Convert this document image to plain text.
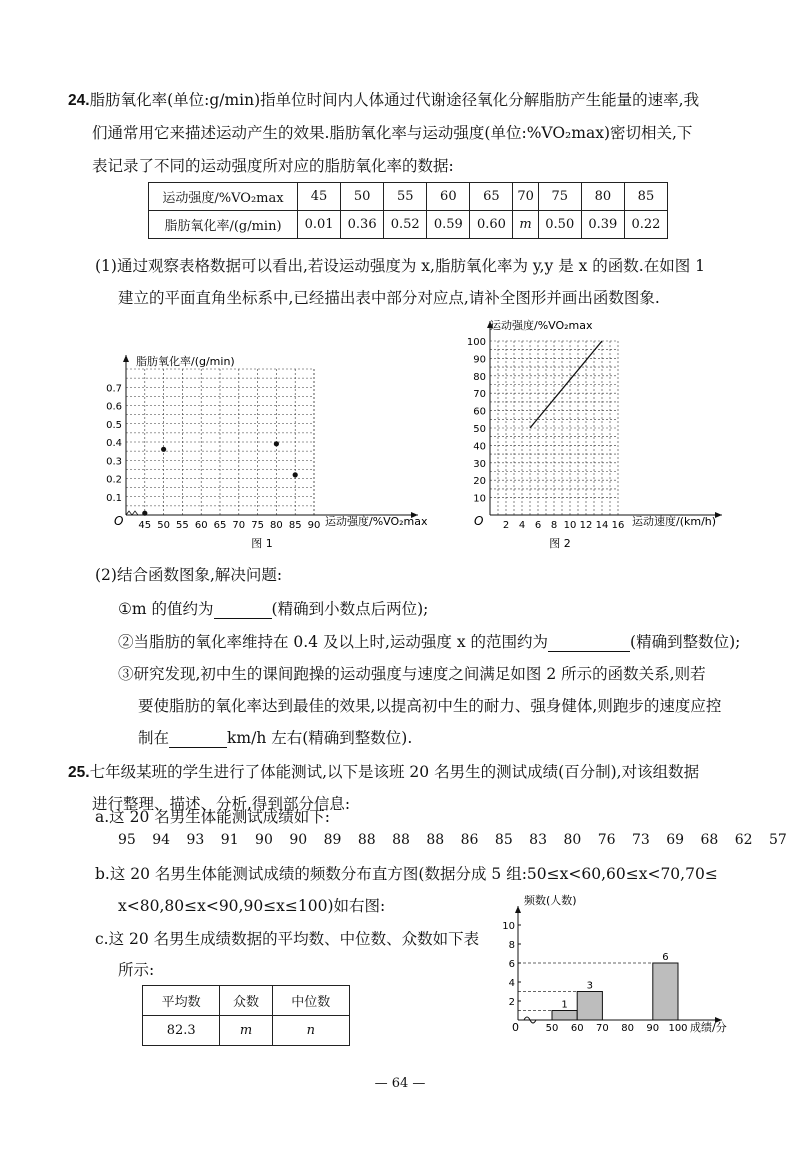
24.脂肪氧化率(单位:g/min)指单位时间内人体通过代谢途径氧化分解脂肪产生能量的速率,我
们通常用它来描述运动产生的效果.脂肪氧化率与运动强度(单位:%VO₂max)密切相关,下
表记录了不同的运动强度所对应的脂肪氧化率的数据:
运动强度/%VO₂max	45	50	55	60	65	70	75	80	85
脂肪氧化率/(g/min)	0.01	0.36	0.52	0.59	0.60	m	0.50	0.39	0.22
(1)通过观察表格数据可以看出,若设运动强度为 x,脂肪氧化率为 y,y 是 x 的函数.在如图 1
建立的平面直角坐标系中,已经描出表中部分对应点,请补全图形并画出函数图象.
0.1
0.2
0.3
0.4
0.5
0.6
0.7
45 50 55 60 65 70 75 80 85 90
脂肪氧化率/(g/min)
运动强度/%VO₂max
O
图 1
10
20
30
40
50
60
70
80
90
100
2 4 6 8 10 12 14 16
运动强度/%VO₂max
运动速度/(km/h)
O
图 2
(2)结合函数图象,解决问题:
①m 的值约为	(精确到小数点后两位);
②当脂肪的氧化率维持在 0.4 及以上时,运动强度 x 的范围约为	(精确到整数位);
③研究发现,初中生的课间跑操的运动强度与速度之间满足如图 2 所示的函数关系,则若
要使脂肪的氧化率达到最佳的效果,以提高初中生的耐力、强身健体,则跑步的速度应控
制在	km/h 左右(精确到整数位).
25.七年级某班的学生进行了体能测试,以下是该班 20 名男生的测试成绩(百分制),对该组数据
进行整理、描述、分析,得到部分信息:
a.这 20 名男生体能测试成绩如下:
95 94 93 91 90 90 89 88 88 88 86 85 83 80 76 73 69 68 62 57
b.这 20 名男生体能测试成绩的频数分布直方图(数据分成 5 组:50≤x<60,60≤x<70,70≤
x<80,80≤x<90,90≤x≤100)如右图:
c.这 20 名男生成绩数据的平均数、中位数、众数如下表
所示:
平均数	众数	中位数
82.3	m	n
1
3
6
2
4
6
8
10
50 60 70 80 90 100
频数(人数)
成绩/分
0
— 64 —
